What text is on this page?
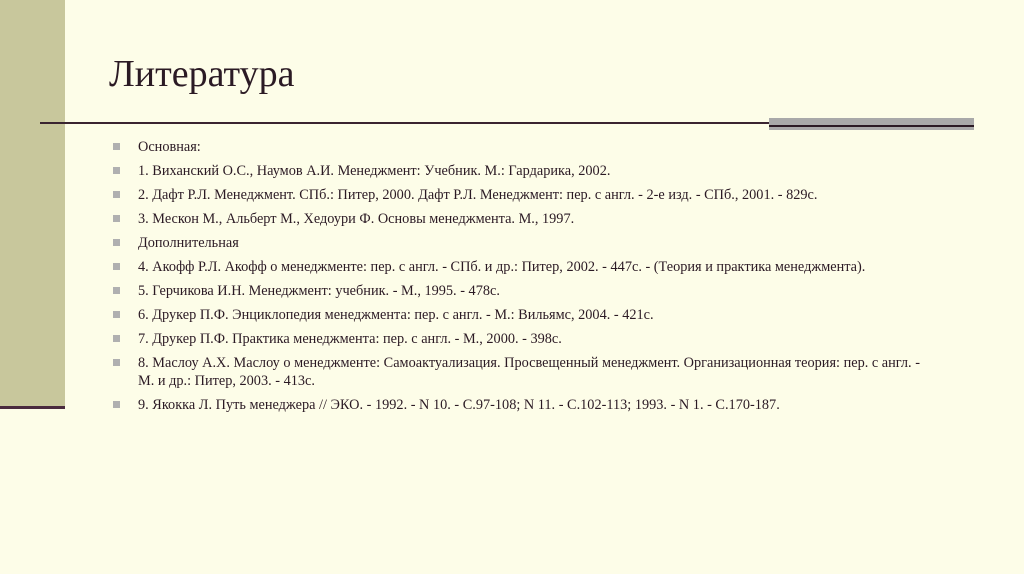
Литература
Основная:
1. Виханский О.С., Наумов А.И. Менеджмент: Учебник. М.: Гардарика, 2002.
2. Дафт Р.Л. Менеджмент. СПб.: Питер, 2000. Дафт Р.Л. Менеджмент: пер. с англ. - 2-е изд. - СПб., 2001. - 829с.
3. Мескон М., Альберт М., Хедоури Ф. Основы менеджмента. М., 1997.
Дополнительная
4. Акофф Р.Л. Акофф о менеджменте: пер. с англ. - СПб. и др.: Питер, 2002. - 447с. - (Теория и практика менеджмента).
5. Герчикова И.Н. Менеджмент: учебник. - М., 1995. - 478с.
6. Друкер П.Ф. Энциклопедия менеджмента: пер. с англ. - М.: Вильямс, 2004. - 421с.
7. Друкер П.Ф. Практика менеджмента: пер. с англ. - М., 2000. - 398с.
8. Маслоу А.Х. Маслоу о менеджменте: Самоактуализация. Просвещенный менеджмент. Организационная теория: пер. с англ. - М. и др.: Питер, 2003. - 413с.
9. Якокка Л. Путь менеджера // ЭКО. - 1992. - N 10. - С.97-108; N 11. - С.102-113; 1993. - N 1. - С.170-187.
